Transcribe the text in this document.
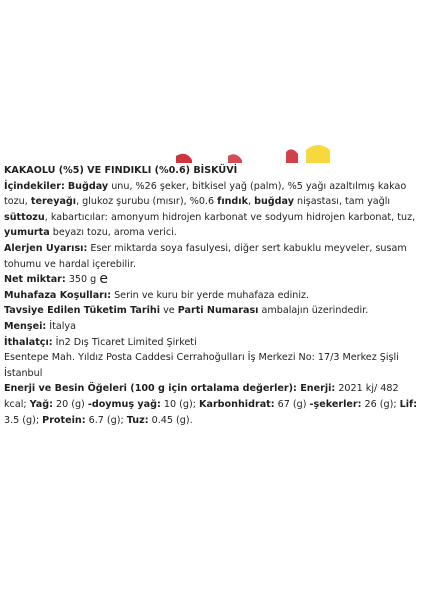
KAKAOLU (%5) VE FINDIKLI (%0.6) BİSKÜVİ

İçindekiler: Buğday unu, %26 şeker, bitkisel yağ (palm), %5 yağı azaltılmış kakao tozu, tereyağı, glukoz şurubu (mısır), %0.6 fındık, buğday nişastası, tam yağlı süttozu, kabartıcılar: amonyum hidrojen karbonat ve sodyum hidrojen karbonat, tuz, yumurta beyazı tozu, aroma verici.

Alerjen Uyarısı: Eser miktarda soya fasulyesi, diğer sert kabuklu meyveler, susam tohumu ve hardal içerebilir.

Net miktar: 350 g e

Muhafaza Koşulları: Serin ve kuru bir yerde muhafaza ediniz.

Tavsiye Edilen Tüketim Tarihi ve Parti Numarası ambalajın üzerindedir.

Menşei: İtalya

İthalatçı: İn2 Dış Ticaret Limited Şirketi

Esentepe Mah. Yıldız Posta Caddesi Cerrahoğulları İş Merkezi No: 17/3 Merkez Şişli İstanbul

Enerji ve Besin Öğeleri (100 g için ortalama değerler): Enerji: 2021 kj/ 482 kcal; Yağ: 20 (g) -doymuş yağ: 10 (g); Karbonhidrat: 67 (g) -şekerler: 26 (g); Lif: 3.5 (g); Protein: 6.7 (g); Tuz: 0.45 (g).
